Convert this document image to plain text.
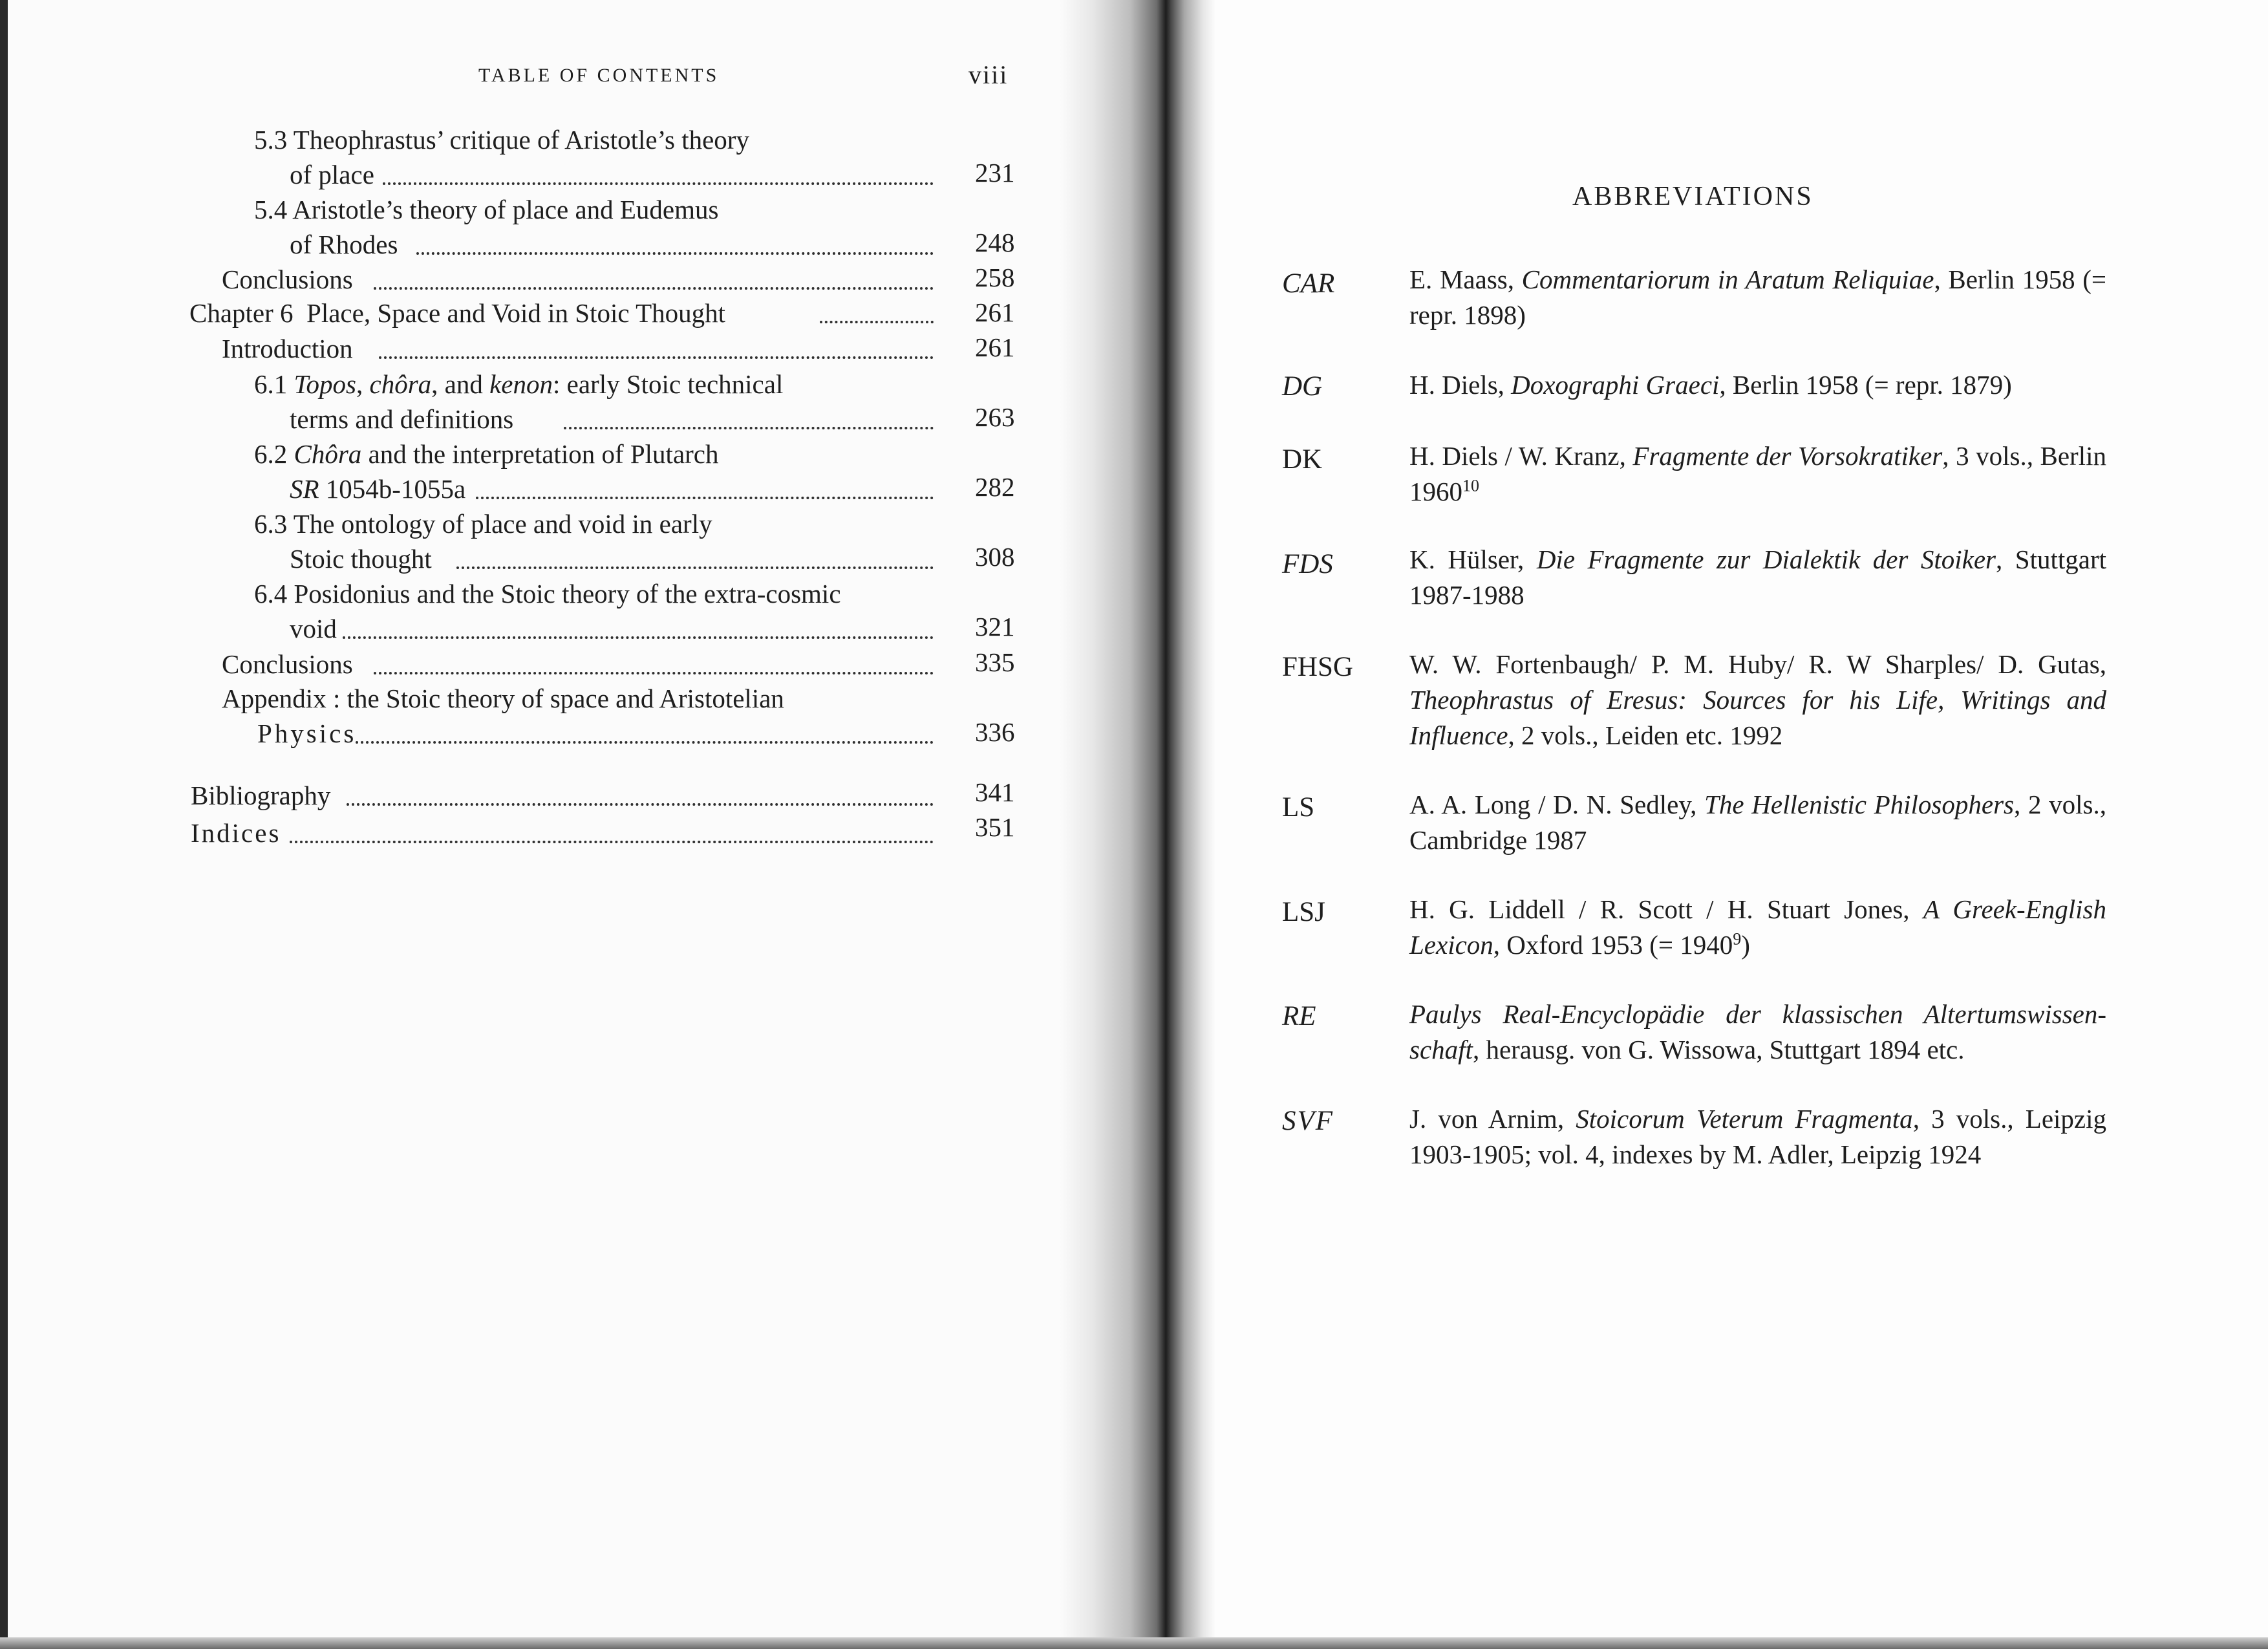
TABLE OF CONTENTS	viii
5.3 Theophrastus’ critique of Aristotle’s theory
of place	231
5.4 Aristotle’s theory of place and Eudemus
of Rhodes	248
Conclusions	258
Chapter 6  Place, Space and Void in Stoic Thought	261
Introduction	261
6.1 Topos, chôra, and kenon: early Stoic technical
terms and definitions	263
6.2 Chôra and the interpretation of Plutarch
SR 1054b-1055a	282
6.3 The ontology of place and void in early
Stoic thought	308
6.4 Posidonius and the Stoic theory of the extra-cosmic
void	321
Conclusions	335
Appendix : the Stoic theory of space and Aristotelian
Physics	336
Bibliography	341
Indices	351
ABBREVIATIONS
CAR	E. Maass, Commentariorum in Aratum Reliquiae, Berlin 1958 (= repr. 1898)
DG	H. Diels, Doxographi Graeci, Berlin 1958 (= repr. 1879)
DK	H. Diels / W. Kranz, Fragmente der Vorsokratiker, 3 vols., Berlin 1960$^{10}$
FDS	K. Hülser, Die Fragmente zur Dialektik der Stoiker, Stuttgart 1987-1988
FHSG W. W. Fortenbaugh/ P. M. Huby/ R. W Sharples/ D. Gutas, Theophrastus of Eresus: Sources for his Life, Writings and Influence, 2 vols., Leiden etc. 1992
LS	A. A. Long / D. N. Sedley, The Hellenistic Philosophers, 2 vols., Cambridge 1987
LSJ	H. G. Liddell / R. Scott / H. Stuart Jones, A Greek-English Lexicon, Oxford 1953 (= $1940^9$)
RE	Paulys Real-Encyclopädie der klassischen Altertumswissen-schaft, herausg. von G. Wissowa, Stuttgart 1894 etc.
SVF	J. von Arnim, Stoicorum Veterum Fragmenta, 3 vols., Leipzig 1903-1905; vol. 4, indexes by M. Adler, Leipzig 1924
